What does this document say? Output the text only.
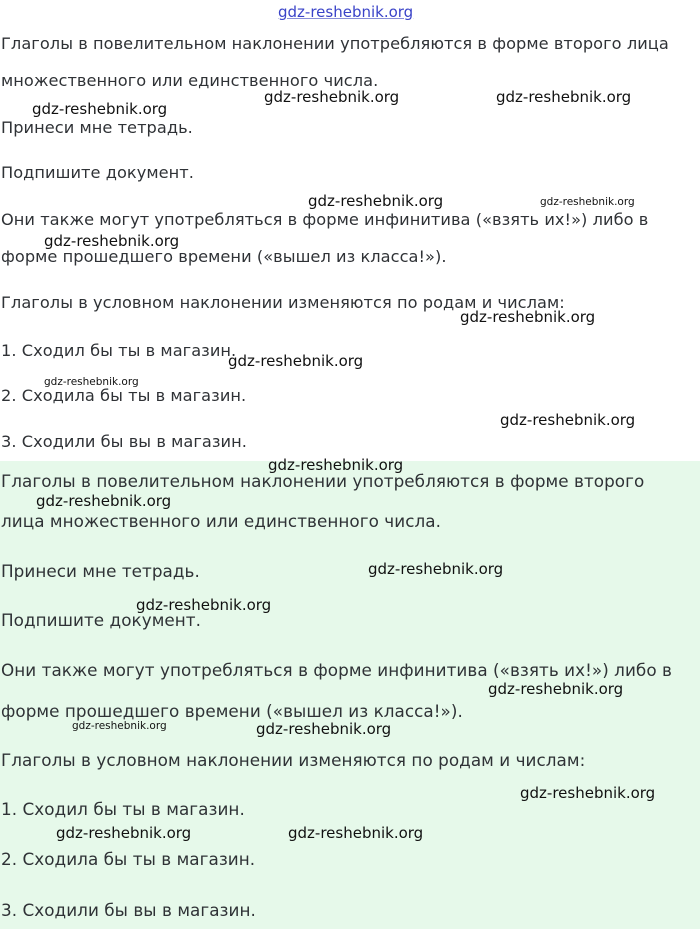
Глаголы в повелительном наклонении употребляются в форме второго лица
множественного или единственного числа.
Принеси мне тетрадь.
Подпишите документ.
Они также могут употребляться в форме инфинитива («взять их!») либо в
форме прошедшего времени («вышел из класса!»).
Глаголы в условном наклонении изменяются по родам и числам:
1. Сходил бы ты в магазин.
2. Сходила бы ты в магазин.
3. Сходили бы вы в магазин.
Глаголы в повелительном наклонении употребляются в форме второго
лица множественного или единственного числа.
Принеси мне тетрадь.
Подпишите документ.
Они также могут употребляться в форме инфинитива («взять их!») либо в
форме прошедшего времени («вышел из класса!»).
Глаголы в условном наклонении изменяются по родам и числам:
1. Сходил бы ты в магазин.
2. Сходила бы ты в магазин.
3. Сходили бы вы в магазин.
gdz-reshebnik.org
gdz-reshebnik.org
gdz-reshebnik.org	gdz-reshebnik.org
gdz-reshebnik.org	gdz-reshebnik.org
gdz-reshebnik.org
gdz-reshebnik.org
gdz-reshebnik.org
gdz-reshebnik.org
gdz-reshebnik.org
gdz-reshebnik.org
gdz-reshebnik.org
gdz-reshebnik.org
gdz-reshebnik.org
gdz-reshebnik.org
gdz-reshebnik.org	gdz-reshebnik.org
gdz-reshebnik.org
gdz-reshebnik.org	gdz-reshebnik.org
